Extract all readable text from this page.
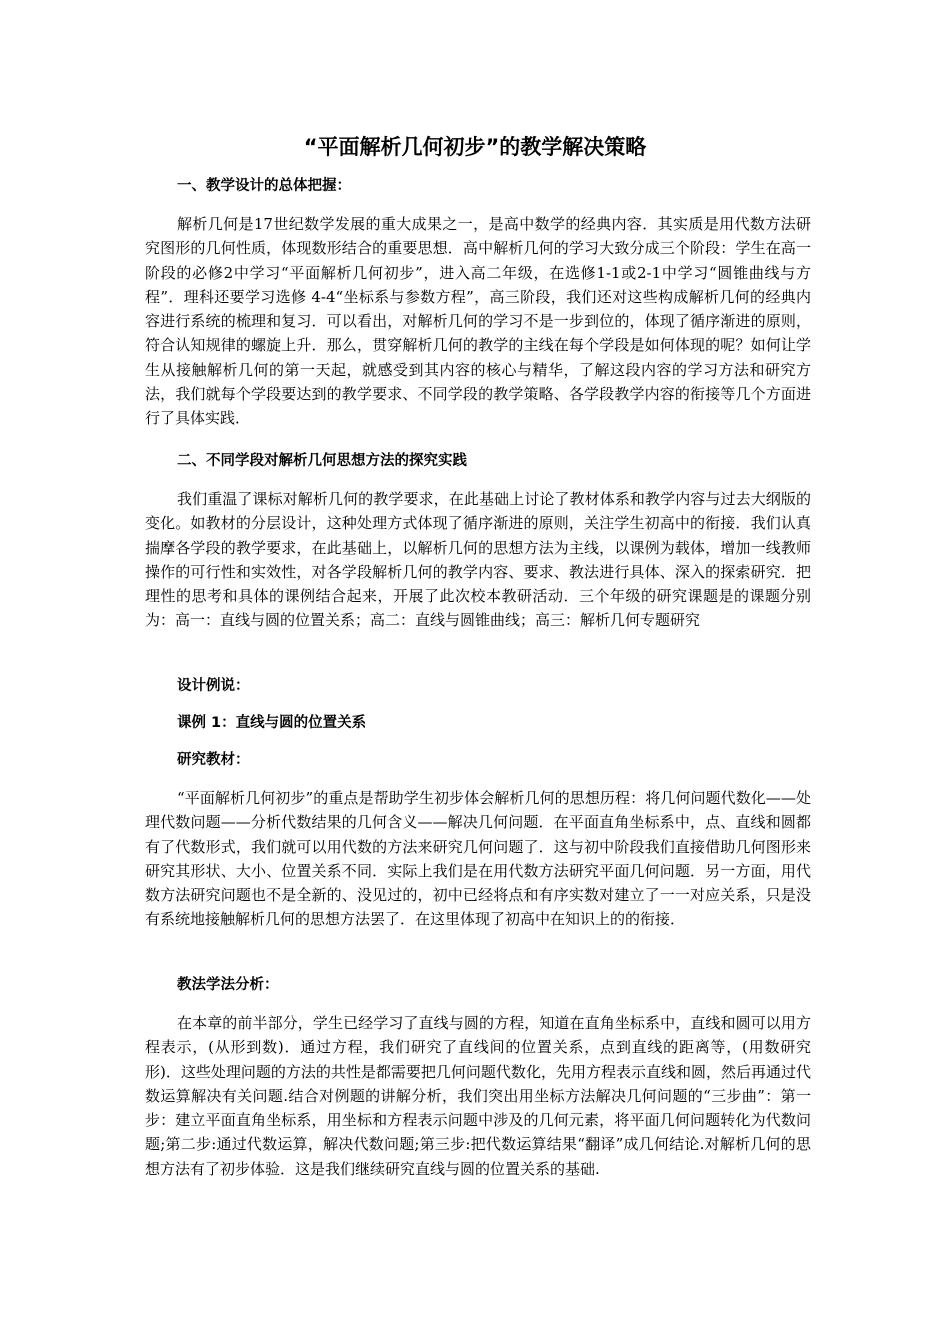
“平面解析几何初步”的教学解决策略
一、教学设计的总体把握：

解析几何是17世纪数学发展的重大成果之一，是高中数学的经典内容．其实质是用代数方法研究图形的几何性质，体现数形结合的重要思想．高中解析几何的学习大致分成三个阶段：学生在高一阶段的必修2中学习“平面解析几何初步”，进入高二年级，在选修1-1或2-1中学习“圆锥曲线与方程”．理科还要学习选修 4-4“坐标系与参数方程”，高三阶段，我们还对这些构成解析几何的经典内容进行系统的梳理和复习．可以看出，对解析几何的学习不是一步到位的，体现了循序渐进的原则，符合认知规律的螺旋上升．那么，贯穿解析几何的教学的主线在每个学段是如何体现的呢？如何让学生从接触解析几何的第一天起，就感受到其内容的核心与精华，了解这段内容的学习方法和研究方法，我们就每个学段要达到的教学要求、不同学段的教学策略、各学段教学内容的衔接等几个方面进行了具体实践．

二、不同学段对解析几何思想方法的探究实践

我们重温了课标对解析几何的教学要求，在此基础上讨论了教材体系和教学内容与过去大纲版的变化。如教材的分层设计，这种处理方式体现了循序渐进的原则，关注学生初高中的衔接．我们认真揣摩各学段的教学要求，在此基础上，以解析几何的思想方法为主线，以课例为载体，增加一线教师操作的可行性和实效性，对各学段解析几何的教学内容、要求、教法进行具体、深入的探索研究．把理性的思考和具体的课例结合起来，开展了此次校本教研活动．三个年级的研究课题是的课题分别为：高一：直线与圆的位置关系；高二：直线与圆锥曲线；高三：解析几何专题研究

设计例说：
课例 1：直线与圆的位置关系
研究教材：

“平面解析几何初步”的重点是帮助学生初步体会解析几何的思想历程：将几何问题代数化——处理代数问题——分析代数结果的几何含义——解决几何问题．在平面直角坐标系中，点、直线和圆都有了代数形式，我们就可以用代数的方法来研究几何问题了．这与初中阶段我们直接借助几何图形来研究其形状、大小、位置关系不同．实际上我们是在用代数方法研究平面几何问题．另一方面，用代数方法研究问题也不是全新的、没见过的，初中已经将点和有序实数对建立了一一对应关系，只是没有系统地接触解析几何的思想方法罢了．在这里体现了初高中在知识上的的衔接．

教法学法分析：

在本章的前半部分，学生已经学习了直线与圆的方程，知道在直角坐标系中，直线和圆可以用方程表示，(从形到数)．通过方程，我们研究了直线间的位置关系，点到直线的距离等，(用数研究形)．这些处理问题的方法的共性是都需要把几何问题代数化，先用方程表示直线和圆，然后再通过代数运算解决有关问题.结合对例题的讲解分析，我们突出用坐标方法解决几何问题的“三步曲”：第一步：建立平面直角坐标系，用坐标和方程表示问题中涉及的几何元素，将平面几何问题转化为代数问题;第二步:通过代数运算，解决代数问题;第三步:把代数运算结果“翻译”成几何结论.对解析几何的思想方法有了初步体验．这是我们继续研究直线与圆的位置关系的基础.
